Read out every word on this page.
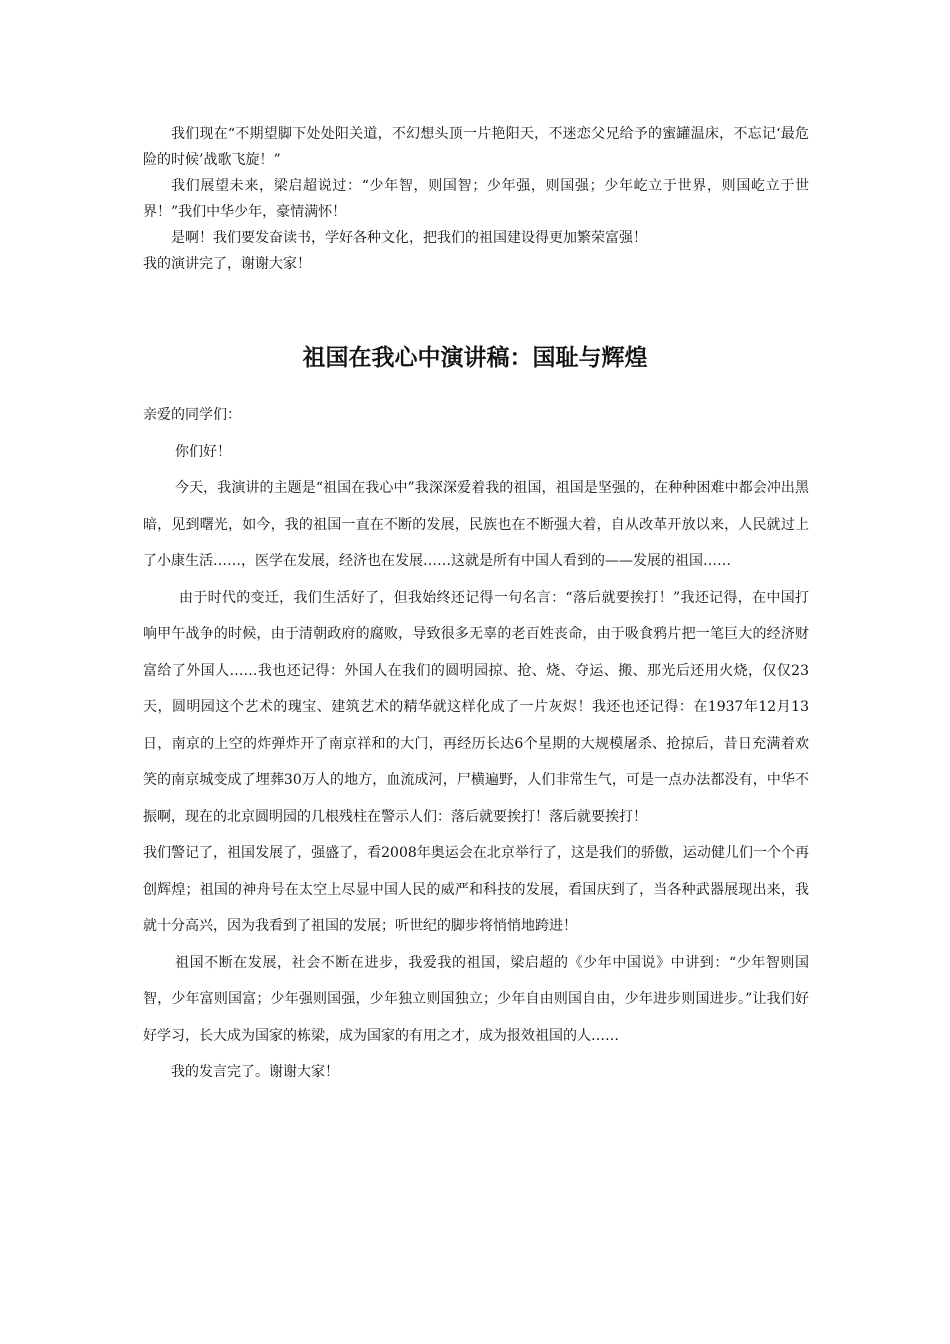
我们现在“不期望脚下处处阳关道，不幻想头顶一片艳阳天，不迷恋父兄给予的蜜罐温床，不忘记‘最危险的时候’战歌飞旋！”

我们展望未来，梁启超说过：“少年智，则国智；少年强，则国强；少年屹立于世界，则国屹立于世界！”我们中华少年，豪情满怀！

是啊！我们要发奋读书，学好各种文化，把我们的祖国建设得更加繁荣富强！

我的演讲完了，谢谢大家！

祖国在我心中演讲稿：国耻与辉煌

亲爱的同学们：

你们好！

今天，我演讲的主题是“祖国在我心中”我深深爱着我的祖国，祖国是坚强的，在种种困难中都会冲出黑暗，见到曙光，如今，我的祖国一直在不断的发展，民族也在不断强大着，自从改革开放以来，人民就过上了小康生活……，医学在发展，经济也在发展……这就是所有中国人看到的——发展的祖国……

由于时代的变迁，我们生活好了，但我始终还记得一句名言：“落后就要挨打！”我还记得，在中国打响甲午战争的时候，由于清朝政府的腐败，导致很多无辜的老百姓丧命，由于吸食鸦片把一笔巨大的经济财富给了外国人……我也还记得：外国人在我们的圆明园掠、抢、烧、夺运、搬、那光后还用火烧，仅仅23天，圆明园这个艺术的瑰宝、建筑艺术的精华就这样化成了一片灰烬！我还也还记得：在1937年12月13日，南京的上空的炸弹炸开了南京祥和的大门，再经历长达6个星期的大规模屠杀、抢掠后，昔日充满着欢笑的南京城变成了埋葬30万人的地方，血流成河，尸横遍野，人们非常生气，可是一点办法都没有，中华不振啊，现在的北京圆明园的几根残柱在警示人们：落后就要挨打！落后就要挨打！

我们警记了，祖国发展了，强盛了，看2008年奥运会在北京举行了，这是我们的骄傲，运动健儿们一个个再创辉煌；祖国的神舟号在太空上尽显中国人民的威严和科技的发展，看国庆到了，当各种武器展现出来，我就十分高兴，因为我看到了祖国的发展；听世纪的脚步将悄悄地跨进！

祖国不断在发展，社会不断在进步，我爱我的祖国，梁启超的《少年中国说》中讲到：“少年智则国智，少年富则国富；少年强则国强，少年独立则国独立；少年自由则国自由，少年进步则国进步。”让我们好好学习，长大成为国家的栋梁，成为国家的有用之才，成为报效祖国的人……

我的发言完了。谢谢大家！
